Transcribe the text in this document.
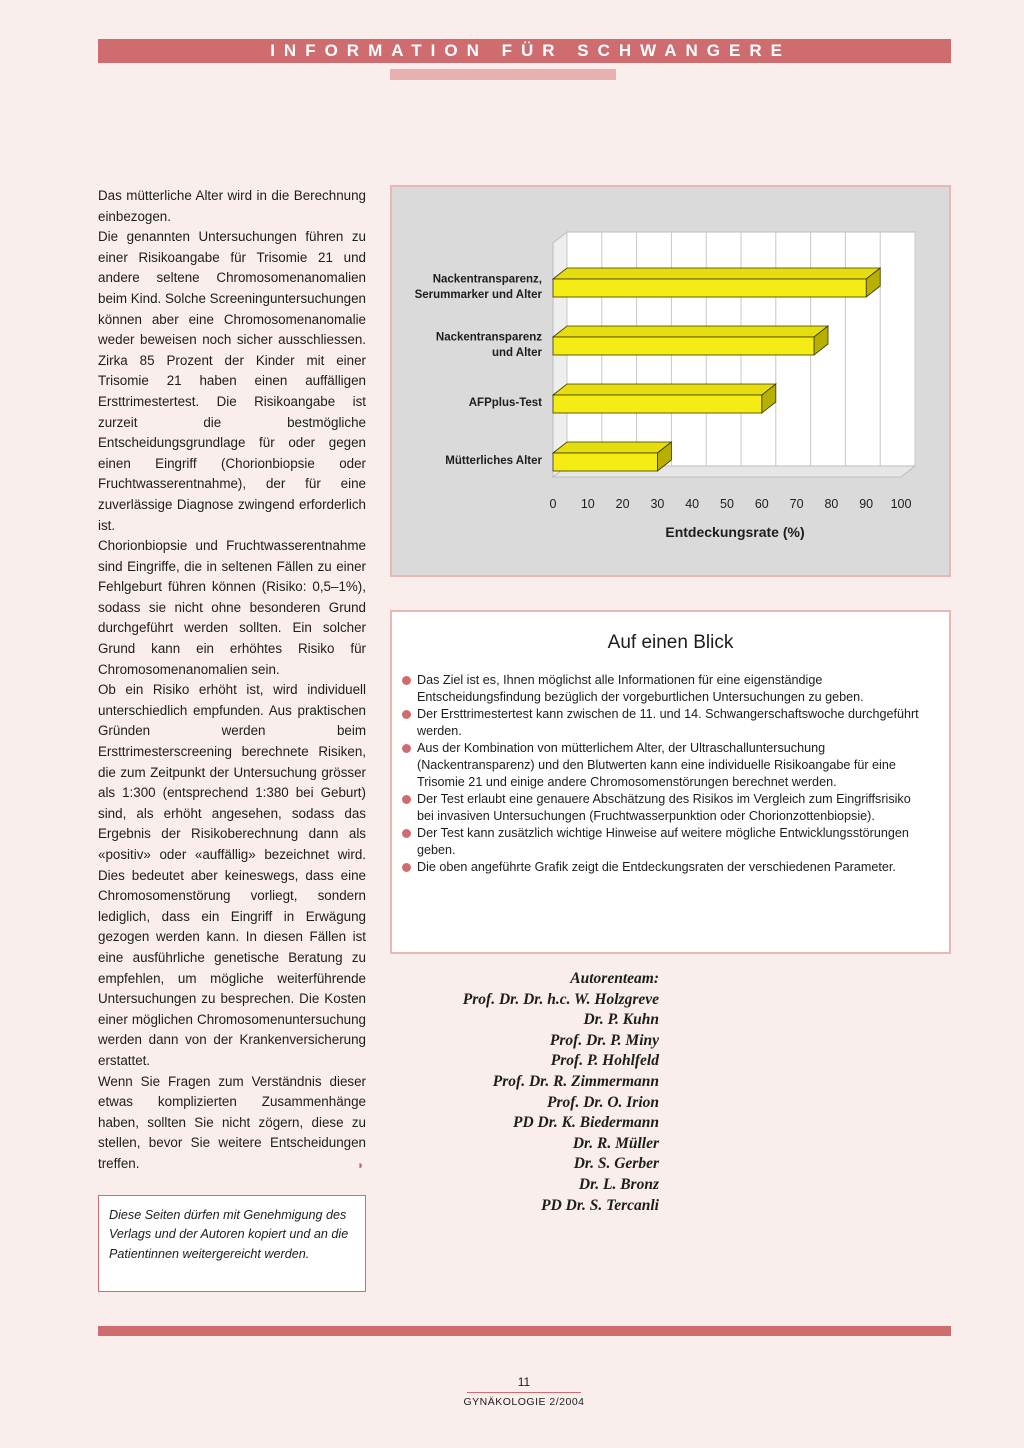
INFORMATION FÜR SCHWANGERE

Das mütterliche Alter wird in die Berechnung einbezogen.

Die genannten Untersuchungen führen zu einer Risikoangabe für Trisomie 21 und andere seltene Chromosomenanomalien beim Kind. Solche Screeninguntersuchungen können aber eine Chromosomenanomalie weder beweisen noch sicher ausschliessen. Zirka 85 Prozent der Kinder mit einer Trisomie 21 haben einen auffälligen Ersttrimestertest. Die Risikoangabe ist zurzeit die bestmögliche Entscheidungsgrundlage für oder gegen einen Eingriff (Chorionbiopsie oder Fruchtwasserentnahme), der für eine zuverlässige Diagnose zwingend erforderlich ist.

Chorionbiopsie und Fruchtwasserentnahme sind Eingriffe, die in seltenen Fällen zu einer Fehlgeburt führen können (Risiko: 0,5–1%), sodass sie nicht ohne besonderen Grund durchgeführt werden sollten. Ein solcher Grund kann ein erhöhtes Risiko für Chromosomenanomalien sein.

Ob ein Risiko erhöht ist, wird individuell unterschiedlich empfunden. Aus praktischen Gründen werden beim Ersttrimesterscreening berechnete Risiken, die zum Zeitpunkt der Untersuchung grösser als 1:300 (entsprechend 1:380 bei Geburt) sind, als erhöht angesehen, sodass das Ergebnis der Risikoberechnung dann als «positiv» oder «auffällig» bezeichnet wird. Dies bedeutet aber keineswegs, dass eine Chromosomenstörung vorliegt, sondern lediglich, dass ein Eingriff in Erwägung gezogen werden kann. In diesen Fällen ist eine ausführliche genetische Beratung zu empfehlen, um mögliche weiterführende Untersuchungen zu besprechen. Die Kosten einer möglichen Chromosomenuntersuchung werden dann von der Krankenversicherung erstattet.

Wenn Sie Fragen zum Verständnis dieser etwas komplizierten Zusammenhänge haben, sollten Sie nicht zögern, diese zu stellen, bevor Sie weitere Entscheidungen treffen.	◗
Diese Seiten dürfen mit Genehmigung des Verlags und der Autoren kopiert und an die Patientinnen weitergereicht werden.
Nackentransparenz,
Serummarker und Alter
Nackentransparenz
und Alter
AFPplus-Test
Mütterliches Alter
0 10 20 30 40 50 60 70 80 90 100
Entdeckungsrate (%)
Auf einen Blick
Das Ziel ist es, Ihnen möglichst alle Informationen für eine eigenständige Entscheidungsfindung bezüglich der vorgeburtlichen Untersuchungen zu geben.
Der Ersttrimestertest kann zwischen de 11. und 14. Schwangerschaftswoche durchgeführt werden.
Aus der Kombination von mütterlichem Alter, der Ultraschalluntersuchung (Nackentransparenz) und den Blutwerten kann eine individuelle Risikoangabe für eine Trisomie 21 und einige andere Chromosomenstörungen berechnet werden.
Der Test erlaubt eine genauere Abschätzung des Risikos im Vergleich zum Eingriffsrisiko bei invasiven Untersuchungen (Fruchtwasserpunktion oder Chorionzottenbiopsie).
Der Test kann zusätzlich wichtige Hinweise auf weitere mögliche Entwicklungsstörungen geben.
Die oben angeführte Grafik zeigt die Entdeckungsraten der verschiedenen Parameter.
Autorenteam:
Prof. Dr. Dr. h.c. W. Holzgreve
Dr. P. Kuhn
Prof. Dr. P. Miny
Prof. P. Hohlfeld
Prof. Dr. R. Zimmermann
Prof. Dr. O. Irion
PD Dr. K. Biedermann
Dr. R. Müller
Dr. S. Gerber
Dr. L. Bronz
PD Dr. S. Tercanli
11
GYNÄKOLOGIE 2/2004
